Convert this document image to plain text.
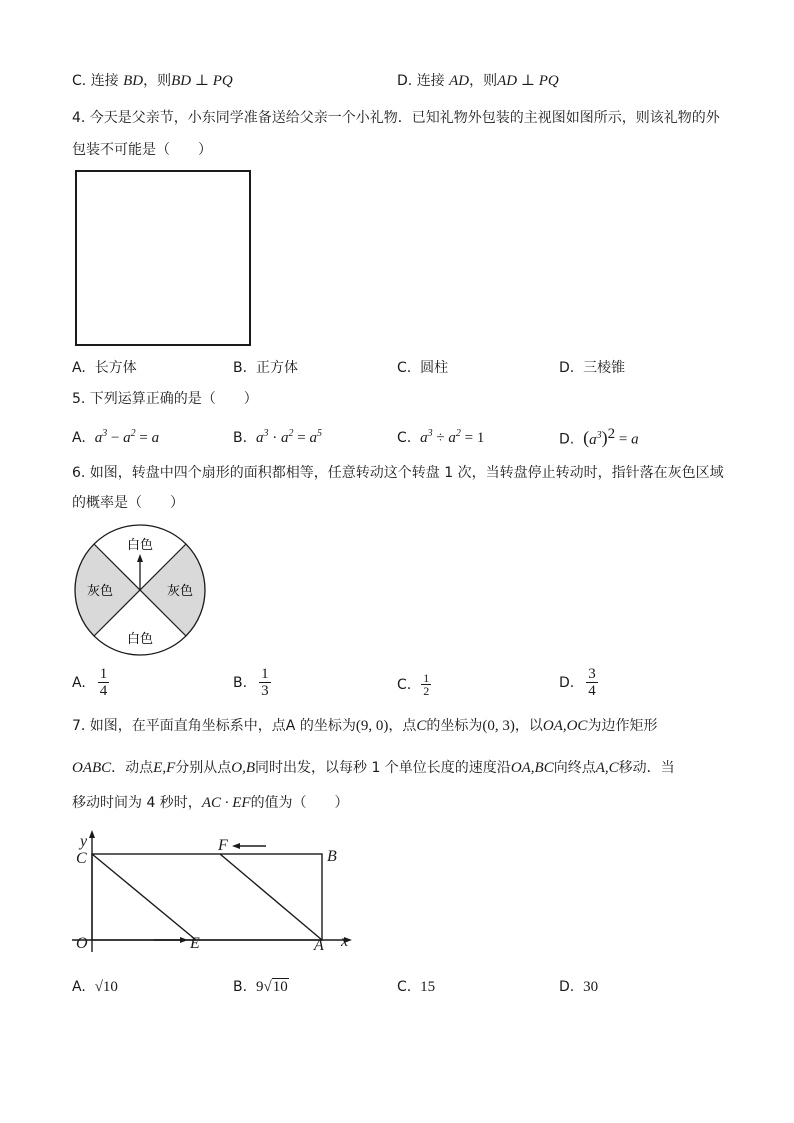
C. 连接 BD，则BD ⊥ PQ	D. 连接 AD，则AD ⊥ PQ
4. 今天是父亲节，小东同学准备送给父亲一个小礼物．已知礼物外包装的主视图如图所示，则该礼物的外
包装不可能是（　　）
A. 长方体	B. 正方体	C. 圆柱	D. 三棱锥
5. 下列运算正确的是（　　）
A. $a^3 - a^2 = a$	B. $a^3 \cdot a^2 = a^5$	C. $a^3 \div a^2 = 1$	D. $(a^3)^2 = a$
6. 如图，转盘中四个扇形的面积都相等，任意转动这个转盘 1 次，当转盘停止转动时，指针落在灰色区域
的概率是（　　）
白色
白色
灰色	灰色
A. $\frac{1}{4}$	B. $\frac{1}{3}$	C. $\frac{1}{2}$	D. $\frac{3}{4}$
7. 如图，在平面直角坐标系中，点A 的坐标为(9, 0)，点C的坐标为(0, 3)，以OA,OC为边作矩形
OABC．动点E,F分别从点O,B同时出发，以每秒 1 个单位长度的速度沿OA,BC向终点A,C移动．当
移动时间为 4 秒时，AC · EF的值为（　　）
y
C
F
B
O	E	A x
A. √10	B. 9√10	C. 15	D. 30
